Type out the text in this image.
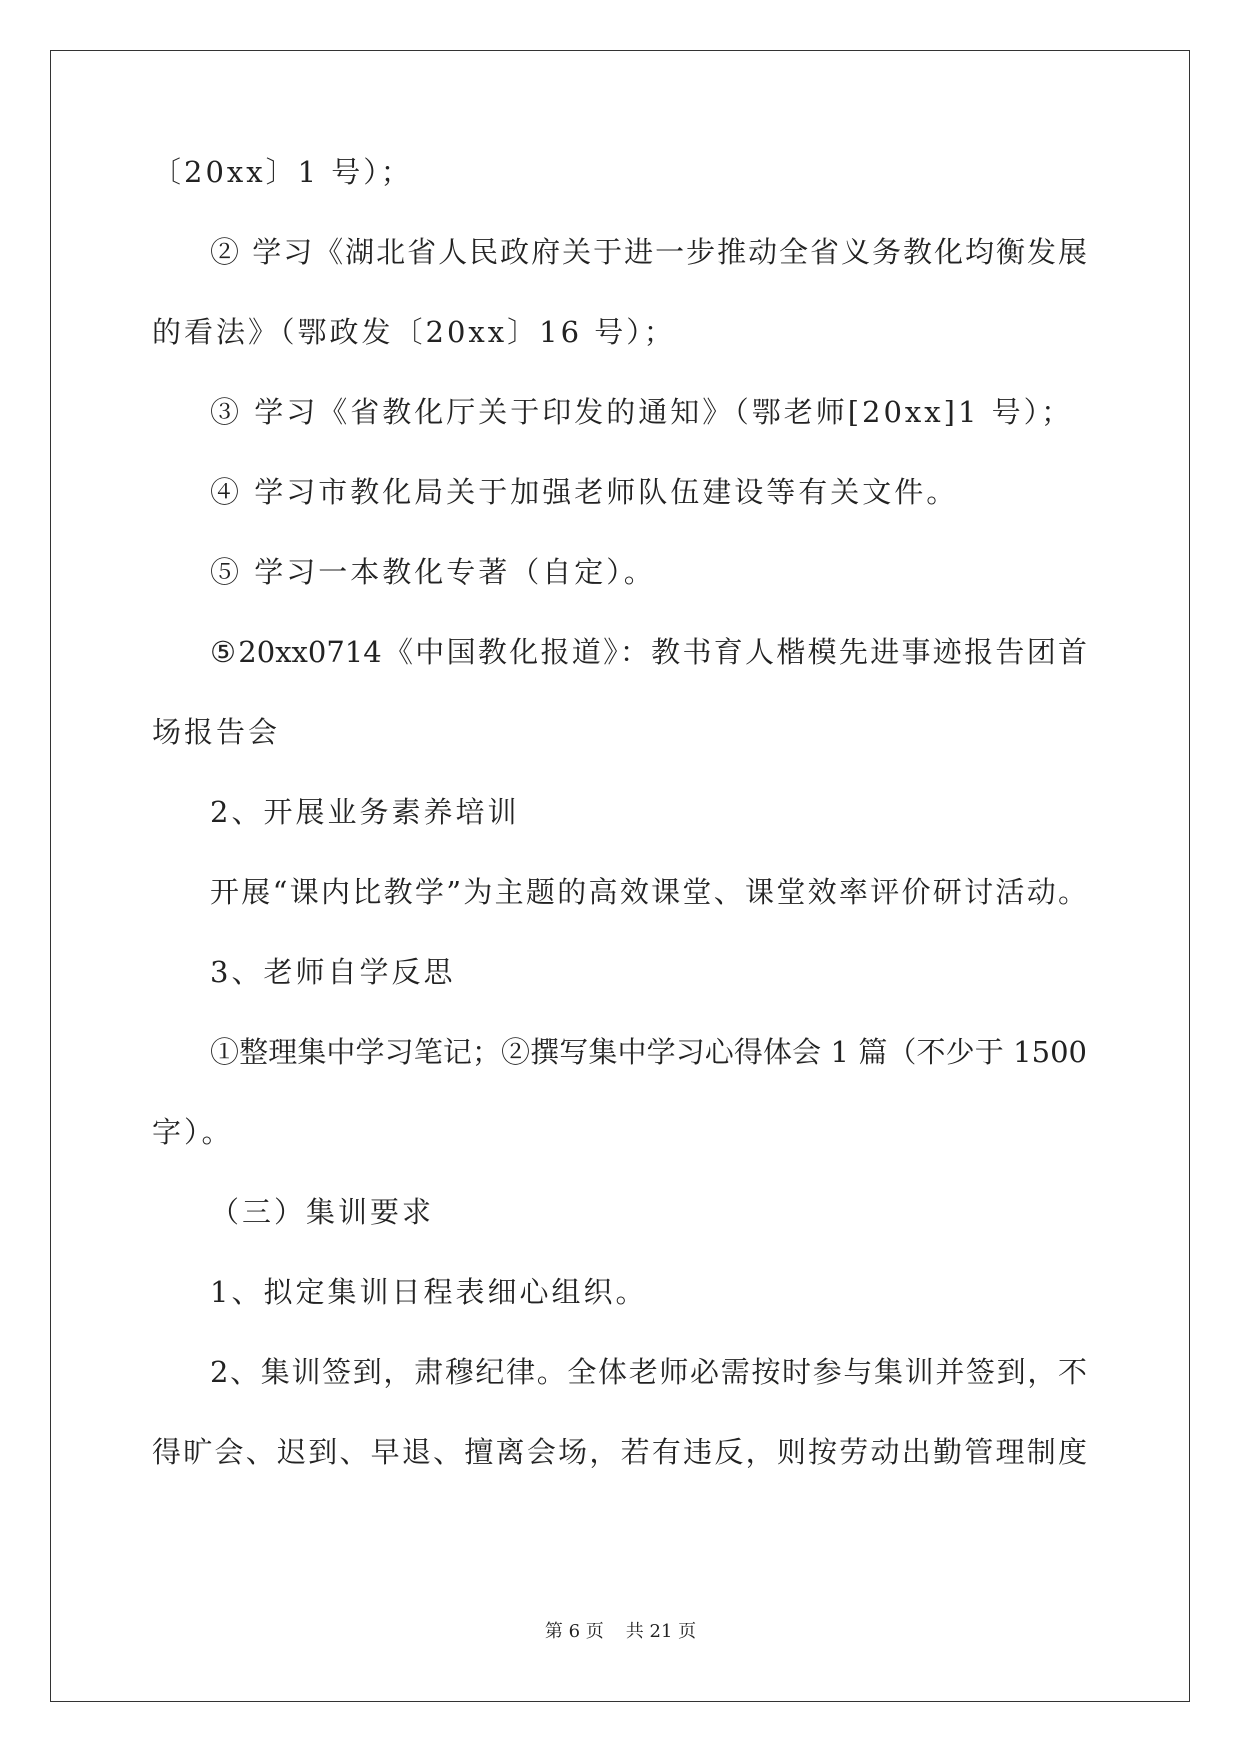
〔20xx〕1 号）；
② 学习《湖北省人民政府关于进一步推动全省义务教化均衡发展
的看法》（鄂政发〔20xx〕16 号）；
③ 学习《省教化厅关于印发的通知》（鄂老师[20xx]1 号）；
④ 学习市教化局关于加强老师队伍建设等有关文件。
⑤ 学习一本教化专著（自定）。
⑤20xx0714《中国教化报道》：教书育人楷模先进事迹报告团首
场报告会
2、开展业务素养培训
开展“课内比教学”为主题的高效课堂、课堂效率评价研讨活动。
3、老师自学反思
①整理集中学习笔记；②撰写集中学习心得体会 1 篇（不少于 1500
字）。
（三）集训要求
1、拟定集训日程表细心组织。
2、集训签到，肃穆纪律。全体老师必需按时参与集训并签到，不
得旷会、迟到、早退、擅离会场，若有违反，则按劳动出勤管理制度
第 6 页 共 21 页
